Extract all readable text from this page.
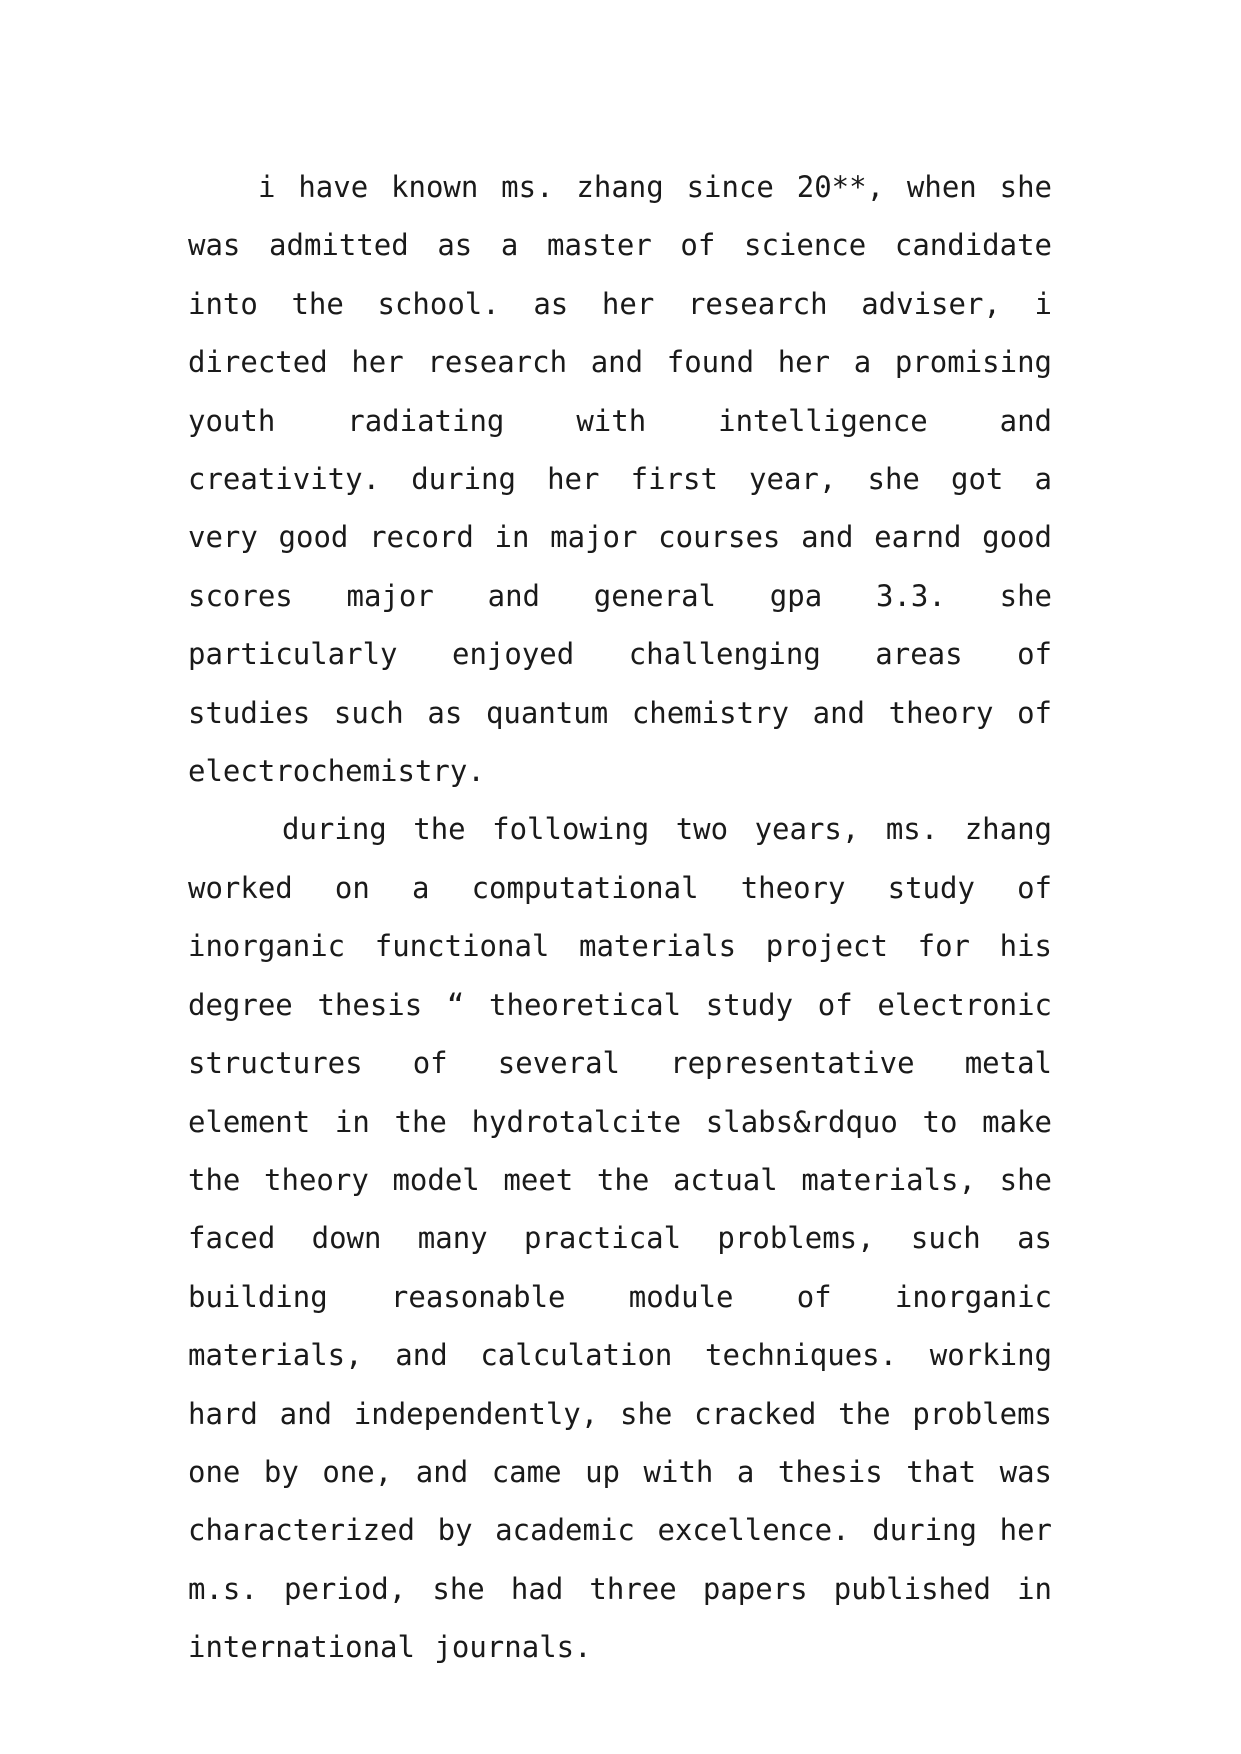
i have known ms. zhang since 20**, when she was admitted as a master of science candidate into the school. as her research adviser, i directed her research and found her a promising youth radiating with intelligence and creativity. during her first year, she got a very good record in major courses and earnd good scores major and general gpa 3.3. she particularly enjoyed challenging areas of studies such as quantum chemistry and theory of electrochemistry.

during the following two years, ms. zhang worked on a computational theory study of inorganic functional materials project for his degree thesis “ theoretical study of electronic structures of several representative metal element in the hydrotalcite slabs&rdquo to make the theory model meet the actual materials, she faced down many practical problems, such as building reasonable module of inorganic materials, and calculation techniques. working hard and independently, she cracked the problems one by one, and came up with a thesis that was characterized by academic excellence. during her m.s. period, she had three papers published in international journals.
